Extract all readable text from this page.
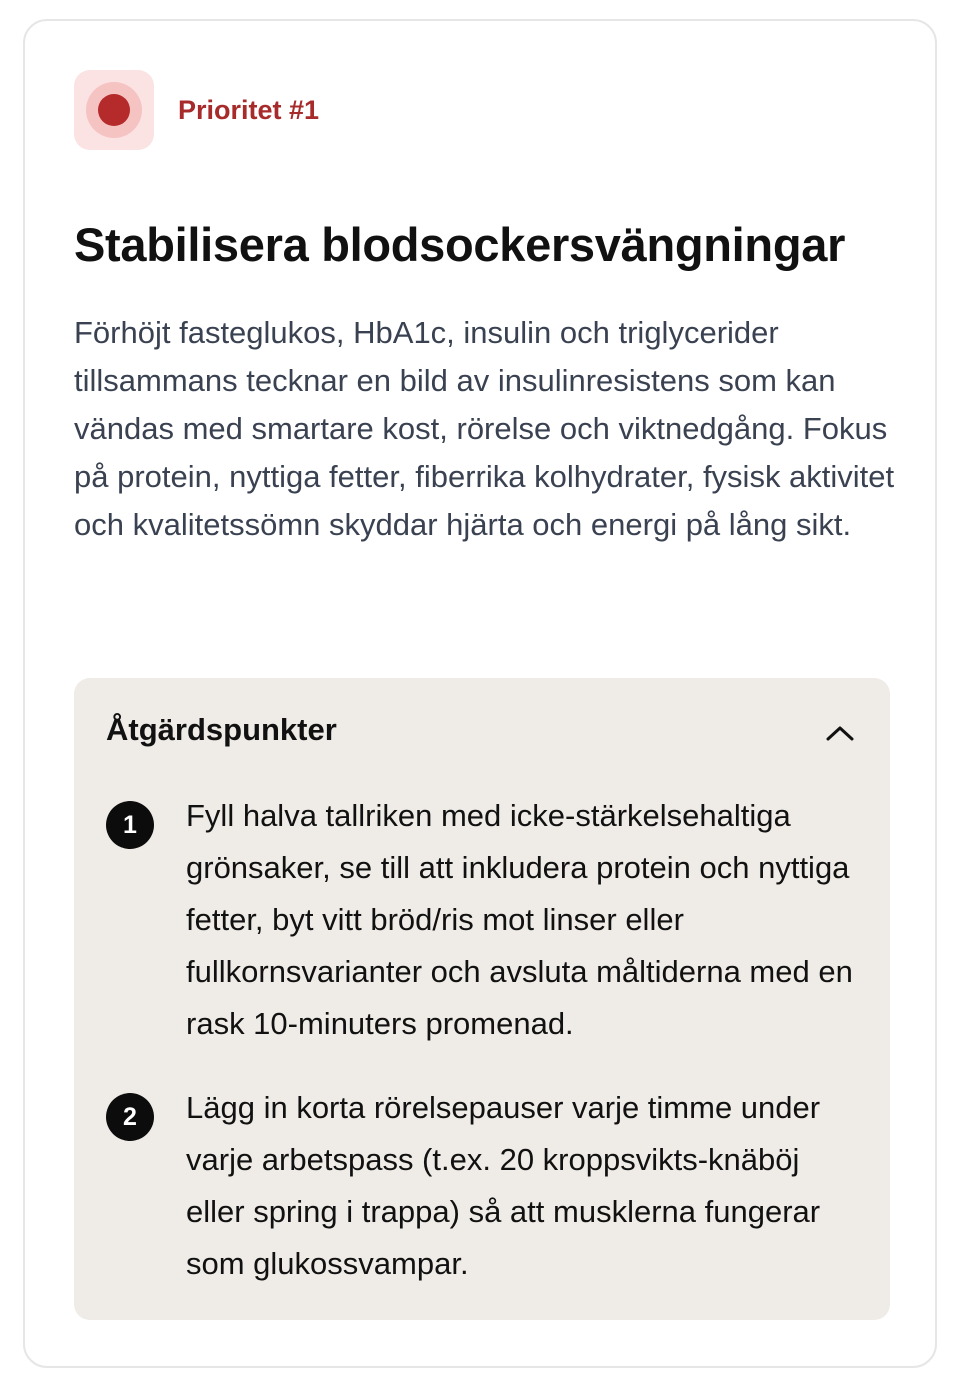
Prioritet #1
Stabilisera blodsockersvängningar

Förhöjt fasteglukos, HbA1c, insulin och triglycerider tillsammans tecknar en bild av insulinresistens som kan vändas med smartare kost, rörelse och viktnedgång. Fokus på protein, nyttiga fetter, fiberrika kolhydrater, fysisk aktivitet och kvalitetssömn skyddar hjärta och energi på lång sikt.

Åtgärdspunkter
1	Fyll halva tallriken med icke-stärkelsehaltiga grönsaker, se till att inkludera protein och nyttiga fetter, byt vitt bröd/ris mot linser eller fullkornsvarianter och avsluta måltiderna med en rask 10-minuters promenad.

2	Lägg in korta rörelsepauser varje timme under varje arbetspass (t.ex. 20 kroppsvikts-knäböj eller spring i trappa) så att musklerna fungerar som glukossvampar.
